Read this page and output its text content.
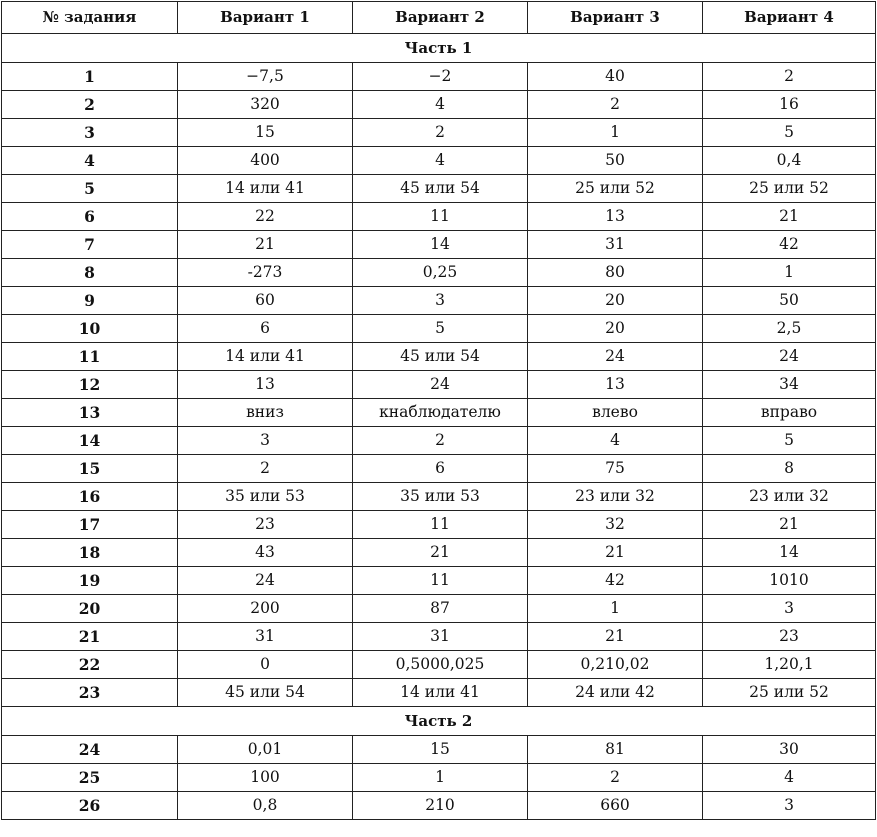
№ задания	Вариант 1	Вариант 2	Вариант 3	Вариант 4
Часть 1				
1	−7,5	−2	40	2
2	320	4	2	16
3	15	2	1	5
4	400	4	50	0,4
5	14 или 41	45 или 54	25 или 52	25 или 52
6	22	11	13	21
7	21	14	31	42
8	-273	0,25	80	1
9	60	3	20	50
10	6	5	20	2,5
11	14 или 41	45 или 54	24	24
12	13	24	13	34
13	вниз	кнаблюдателю	влево	вправо
14	3	2	4	5
15	2	6	75	8
16	35 или 53	35 или 53	23 или 32	23 или 32
17	23	11	32	21
18	43	21	21	14
19	24	11	42	1010
20	200	87	1	3
21	31	31	21	23
22	0	0,5000,025	0,210,02	1,20,1
23	45 или 54	14 или 41	24 или 42	25 или 52
Часть 2				
24	0,01	15	81	30
25	100	1	2	4
26	0,8	210	660	3
